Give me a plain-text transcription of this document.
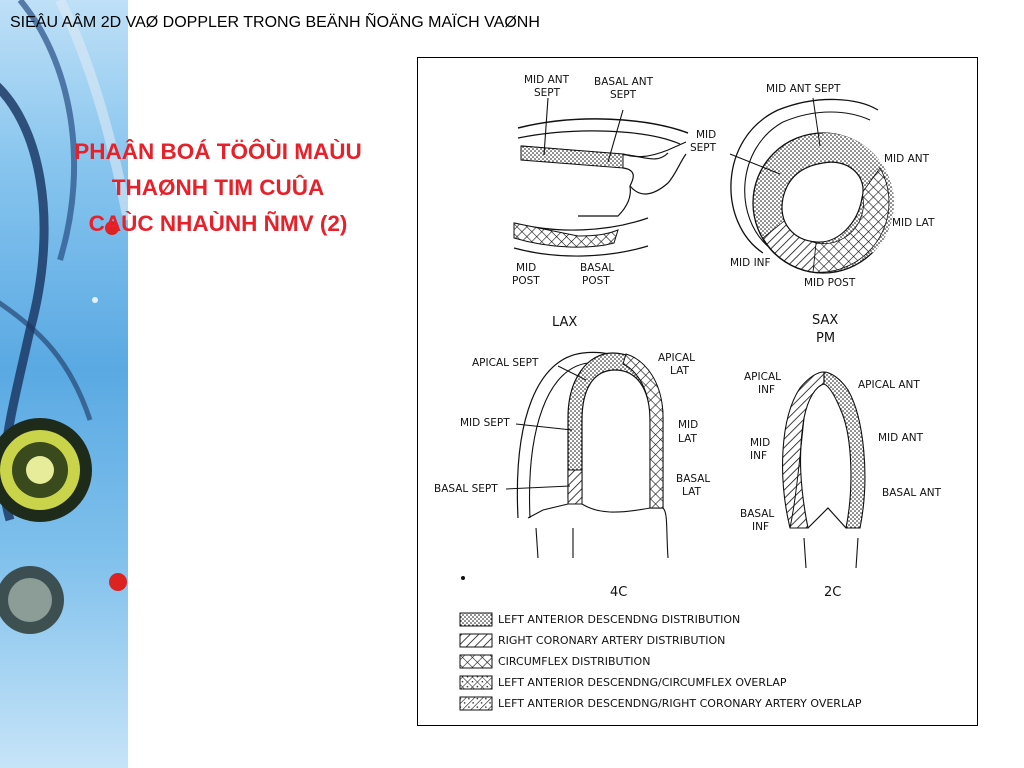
SIEÂU AÂM 2D VAØ DOPPLER TRONG BEÄNH ÑOÄNG MAÏCH VAØNH
PHAÂN BOÁ TÖÔÙI MAÙU
THAØNH TIM CUÛA
CAÙC NHAÙNH ÑMV (2)
MID ANT
SEPT
BASAL ANT
SEPT
MID
POST
BASAL
POST
LAX
MID ANT SEPT
MID
SEPT
MID ANT
MID LAT
MID INF
MID POST
SAX
PM
APICAL SEPT	APICAL
LAT
MID SEPT	MID
LAT
BASAL SEPT
BASAL
LAT
4C
APICAL
INF	APICAL ANT
MID
INF
MID ANT
BASAL
INF
BASAL ANT
2C
LEFT ANTERIOR DESCENDNG DISTRIBUTION
RIGHT CORONARY ARTERY DISTRIBUTION
CIRCUMFLEX DISTRIBUTION
LEFT ANTERIOR DESCENDNG/CIRCUMFLEX OVERLAP
LEFT ANTERIOR DESCENDNG/RIGHT CORONARY ARTERY OVERLAP
